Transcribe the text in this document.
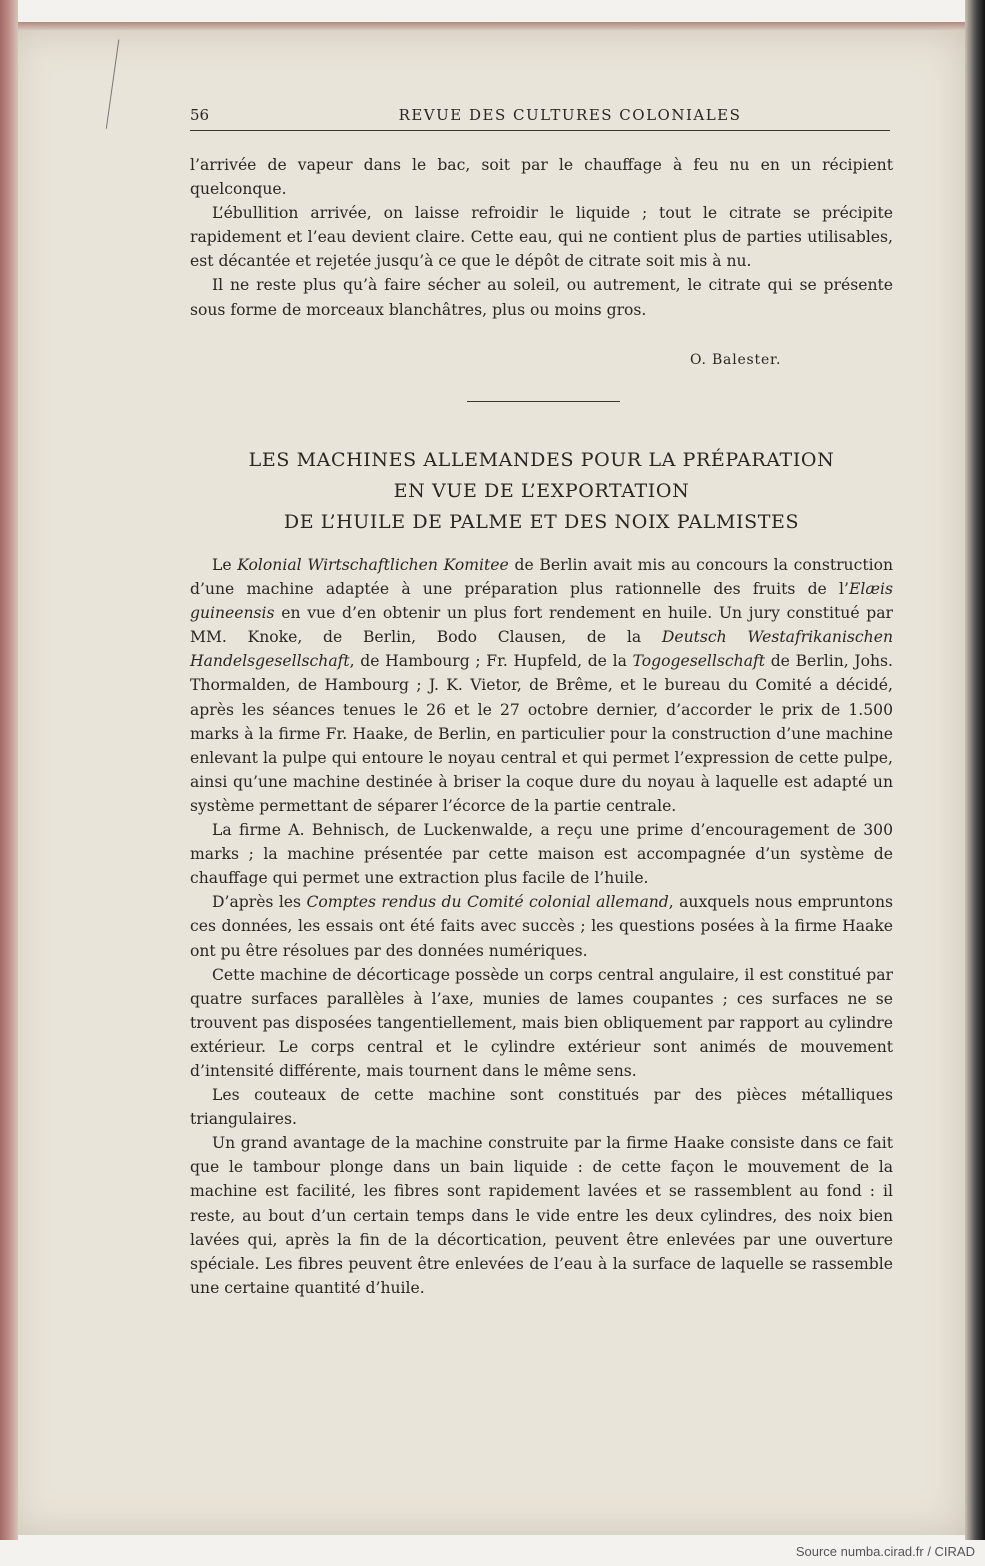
56	REVUE DES CULTURES COLONIALES

l’arrivée de vapeur dans le bac, soit par le chauffage à feu nu en un récipient quelconque.

L’ébullition arrivée, on laisse refroidir le liquide ; tout le citrate se précipite rapidement et l’eau devient claire. Cette eau, qui ne contient plus de parties utilisables, est décantée et rejetée jusqu’à ce que le dépôt de citrate soit mis à nu.

Il ne reste plus qu’à faire sécher au soleil, ou autrement, le citrate qui se présente sous forme de morceaux blanchâtres, plus ou moins gros.

O. Balester.
LES MACHINES ALLEMANDES POUR LA PRÉPARATION
EN VUE DE L’EXPORTATION
DE L’HUILE DE PALME ET DES NOIX PALMISTES

Le Kolonial Wirtschaftlichen Komitee de Berlin avait mis au concours la construction d’une machine adaptée à une préparation plus rationnelle des fruits de l’Elæis guineensis en vue d’en obtenir un plus fort rendement en huile. Un jury constitué par MM. Knoke, de Berlin, Bodo Clausen, de la Deutsch Westafrikanischen Handelsgesellschaft, de Hambourg ; Fr. Hupfeld, de la Togogesellschaft de Berlin, Johs. Thormalden, de Hambourg ; J. K. Vietor, de Brême, et le bureau du Comité a décidé, après les séances tenues le 26 et le 27 octobre dernier, d’accorder le prix de 1.500 marks à la firme Fr. Haake, de Berlin, en particulier pour la construction d’une machine enlevant la pulpe qui entoure le noyau central et qui permet l’expression de cette pulpe, ainsi qu’une machine destinée à briser la coque dure du noyau à laquelle est adapté un système permettant de séparer l’écorce de la partie centrale.

La firme A. Behnisch, de Luckenwalde, a reçu une prime d’encouragement de 300 marks ; la machine présentée par cette maison est accompagnée d’un système de chauffage qui permet une extraction plus facile de l’huile.

D’après les Comptes rendus du Comité colonial allemand, auxquels nous empruntons ces données, les essais ont été faits avec succès ; les questions posées à la firme Haake ont pu être résolues par des données numériques.

Cette machine de décorticage possède un corps central angulaire, il est constitué par quatre surfaces parallèles à l’axe, munies de lames coupantes ; ces surfaces ne se trouvent pas disposées tangentiellement, mais bien obliquement par rapport au cylindre extérieur. Le corps central et le cylindre extérieur sont animés de mouvement d’intensité différente, mais tournent dans le même sens.

Les couteaux de cette machine sont constitués par des pièces métalliques triangulaires.

Un grand avantage de la machine construite par la firme Haake consiste dans ce fait que le tambour plonge dans un bain liquide : de cette façon le mouvement de la machine est facilité, les fibres sont rapidement lavées et se rassemblent au fond : il reste, au bout d’un certain temps dans le vide entre les deux cylindres, des noix bien lavées qui, après la fin de la décortication, peuvent être enlevées par une ouverture spéciale. Les fibres peuvent être enlevées de l’eau à la surface de laquelle se rassemble une certaine quantité d’huile.

Source numba.cirad.fr / CIRAD
